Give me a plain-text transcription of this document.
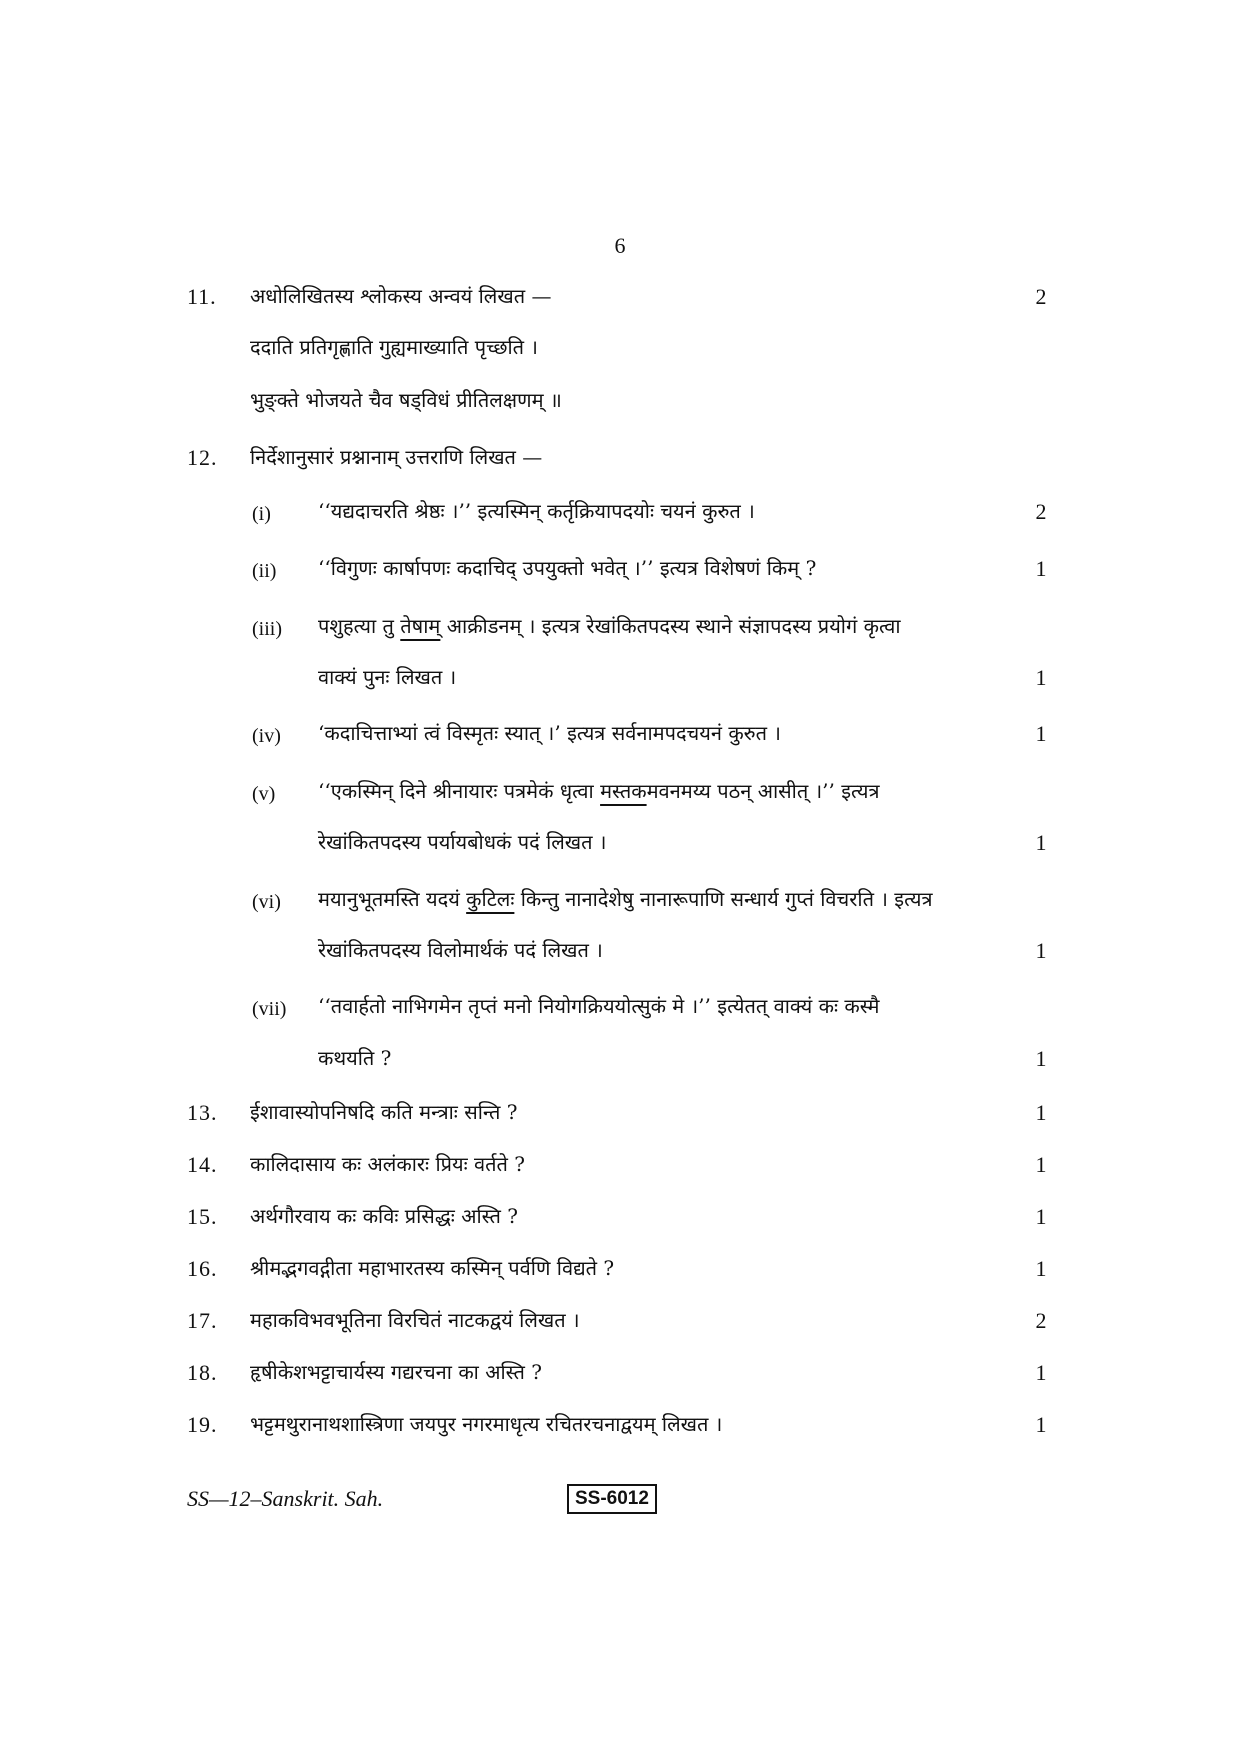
6
11. अधोलिखितस्य श्लोकस्य अन्वयं लिखत —	2
ददाति प्रतिगृह्णाति गुह्यमाख्याति पृच्छति ।
भुङ्क्ते भोजयते चैव षड्विधं प्रीतिलक्षणम् ॥
12. निर्देशानुसारं प्रश्नानाम् उत्तराणि लिखत —
(i) ‘‘यद्यदाचरति श्रेष्ठः ।’’ इत्यस्मिन् कर्तृक्रियापदयोः चयनं कुरुत ।	2
(ii) ‘‘विगुणः कार्षापणः कदाचिद् उपयुक्तो भवेत् ।’’ इत्यत्र विशेषणं किम् ?	1
(iii) पशुहत्या तु तेषाम् आक्रीडनम् । इत्यत्र रेखांकितपदस्य स्थाने संज्ञापदस्य प्रयोगं कृत्वा
वाक्यं पुनः लिखत ।	1
(iv) ‘कदाचित्ताभ्यां त्वं विस्मृतः स्यात् ।’ इत्यत्र सर्वनामपदचयनं कुरुत ।	1
(v) ‘‘एकस्मिन् दिने श्रीनायारः पत्रमेकं धृत्वा मस्तकमवनमय्य पठन् आसीत् ।’’ इत्यत्र
रेखांकितपदस्य पर्यायबोधकं पदं लिखत ।	1
(vi) मयानुभूतमस्ति यदयं कुटिलः किन्तु नानादेशेषु नानारूपाणि सन्धार्य गुप्तं विचरति । इत्यत्र
रेखांकितपदस्य विलोमार्थकं पदं लिखत ।	1
(vii) ‘‘तवार्हतो नाभिगमेन तृप्तं मनो नियोगक्रिययोत्सुकं मे ।’’ इत्येतत् वाक्यं कः कस्मै
कथयति ?	1
13. ईशावास्योपनिषदि कति मन्त्राः सन्ति ?	1
14. कालिदासाय कः अलंकारः प्रियः वर्तते ?	1
15. अर्थगौरवाय कः कविः प्रसिद्धः अस्ति ?	1
16. श्रीमद्भगवद्गीता महाभारतस्य कस्मिन् पर्वणि विद्यते ?	1
17. महाकविभवभूतिना विरचितं नाटकद्वयं लिखत ।	2
18. हृषीकेशभट्टाचार्यस्य गद्यरचना का अस्ति ?	1
19. भट्टमथुरानाथशास्त्रिणा जयपुर नगरमाधृत्य रचितरचनाद्वयम् लिखत ।	1
SS—12–Sanskrit. Sah.	SS-6012
